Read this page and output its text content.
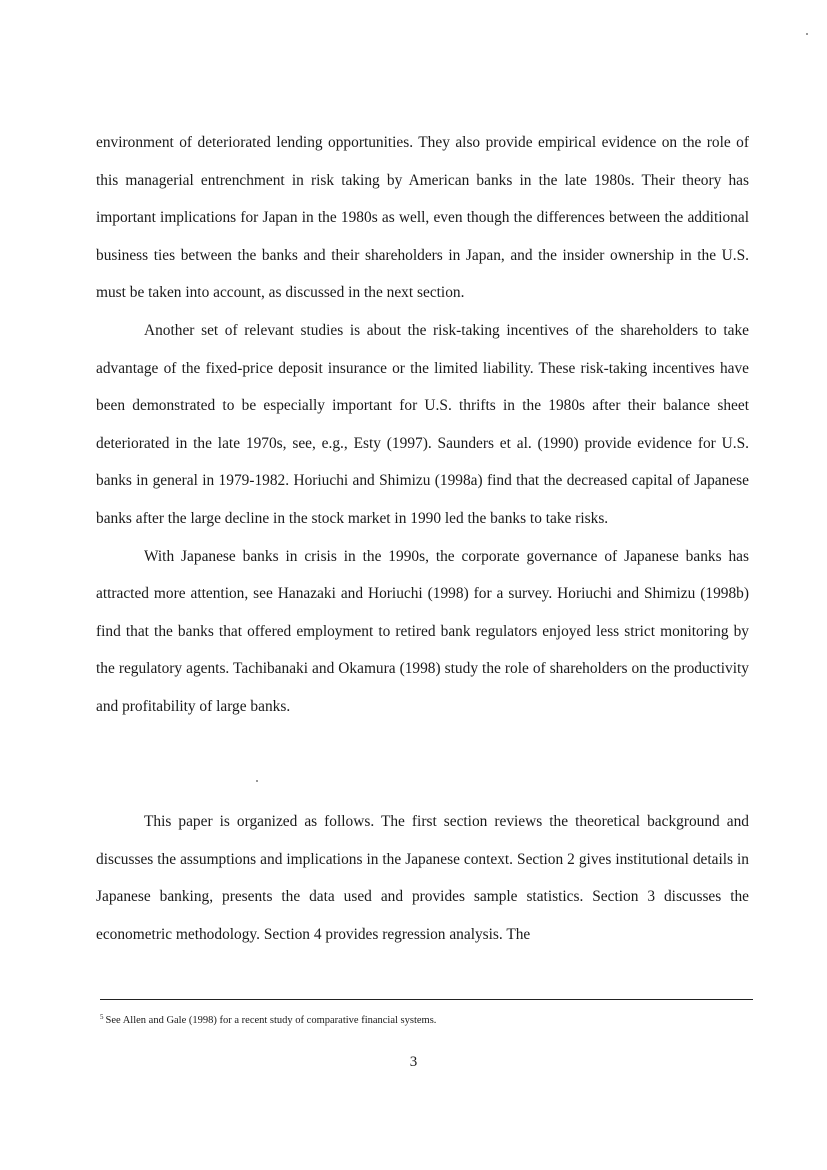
environment of deteriorated lending opportunities. They also provide empirical evidence on the role of this managerial entrenchment in risk taking by American banks in the late 1980s. Their theory has important implications for Japan in the 1980s as well, even though the differences between the additional business ties between the banks and their shareholders in Japan, and the insider ownership in the U.S. must be taken into account, as discussed in the next section.

Another set of relevant studies is about the risk-taking incentives of the shareholders to take advantage of the fixed-price deposit insurance or the limited liability. These risk-taking incentives have been demonstrated to be especially important for U.S. thrifts in the 1980s after their balance sheet deteriorated in the late 1970s, see, e.g., Esty (1997). Saunders et al. (1990) provide evidence for U.S. banks in general in 1979-1982. Horiuchi and Shimizu (1998a) find that the decreased capital of Japanese banks after the large decline in the stock market in 1990 led the banks to take risks.

With Japanese banks in crisis in the 1990s, the corporate governance of Japanese banks has attracted more attention, see Hanazaki and Horiuchi (1998) for a survey. Horiuchi and Shimizu (1998b) find that the banks that offered employment to retired bank regulators enjoyed less strict monitoring by the regulatory agents. Tachibanaki and Okamura (1998) study the role of shareholders on the productivity and profitability of large banks.

This paper is organized as follows. The first section reviews the theoretical background and discusses the assumptions and implications in the Japanese context. Section 2 gives institutional details in Japanese banking, presents the data used and provides sample statistics. Section 3 discusses the econometric methodology. Section 4 provides regression analysis. The

$^5$ See Allen and Gale (1998) for a recent study of comparative financial systems.
3
